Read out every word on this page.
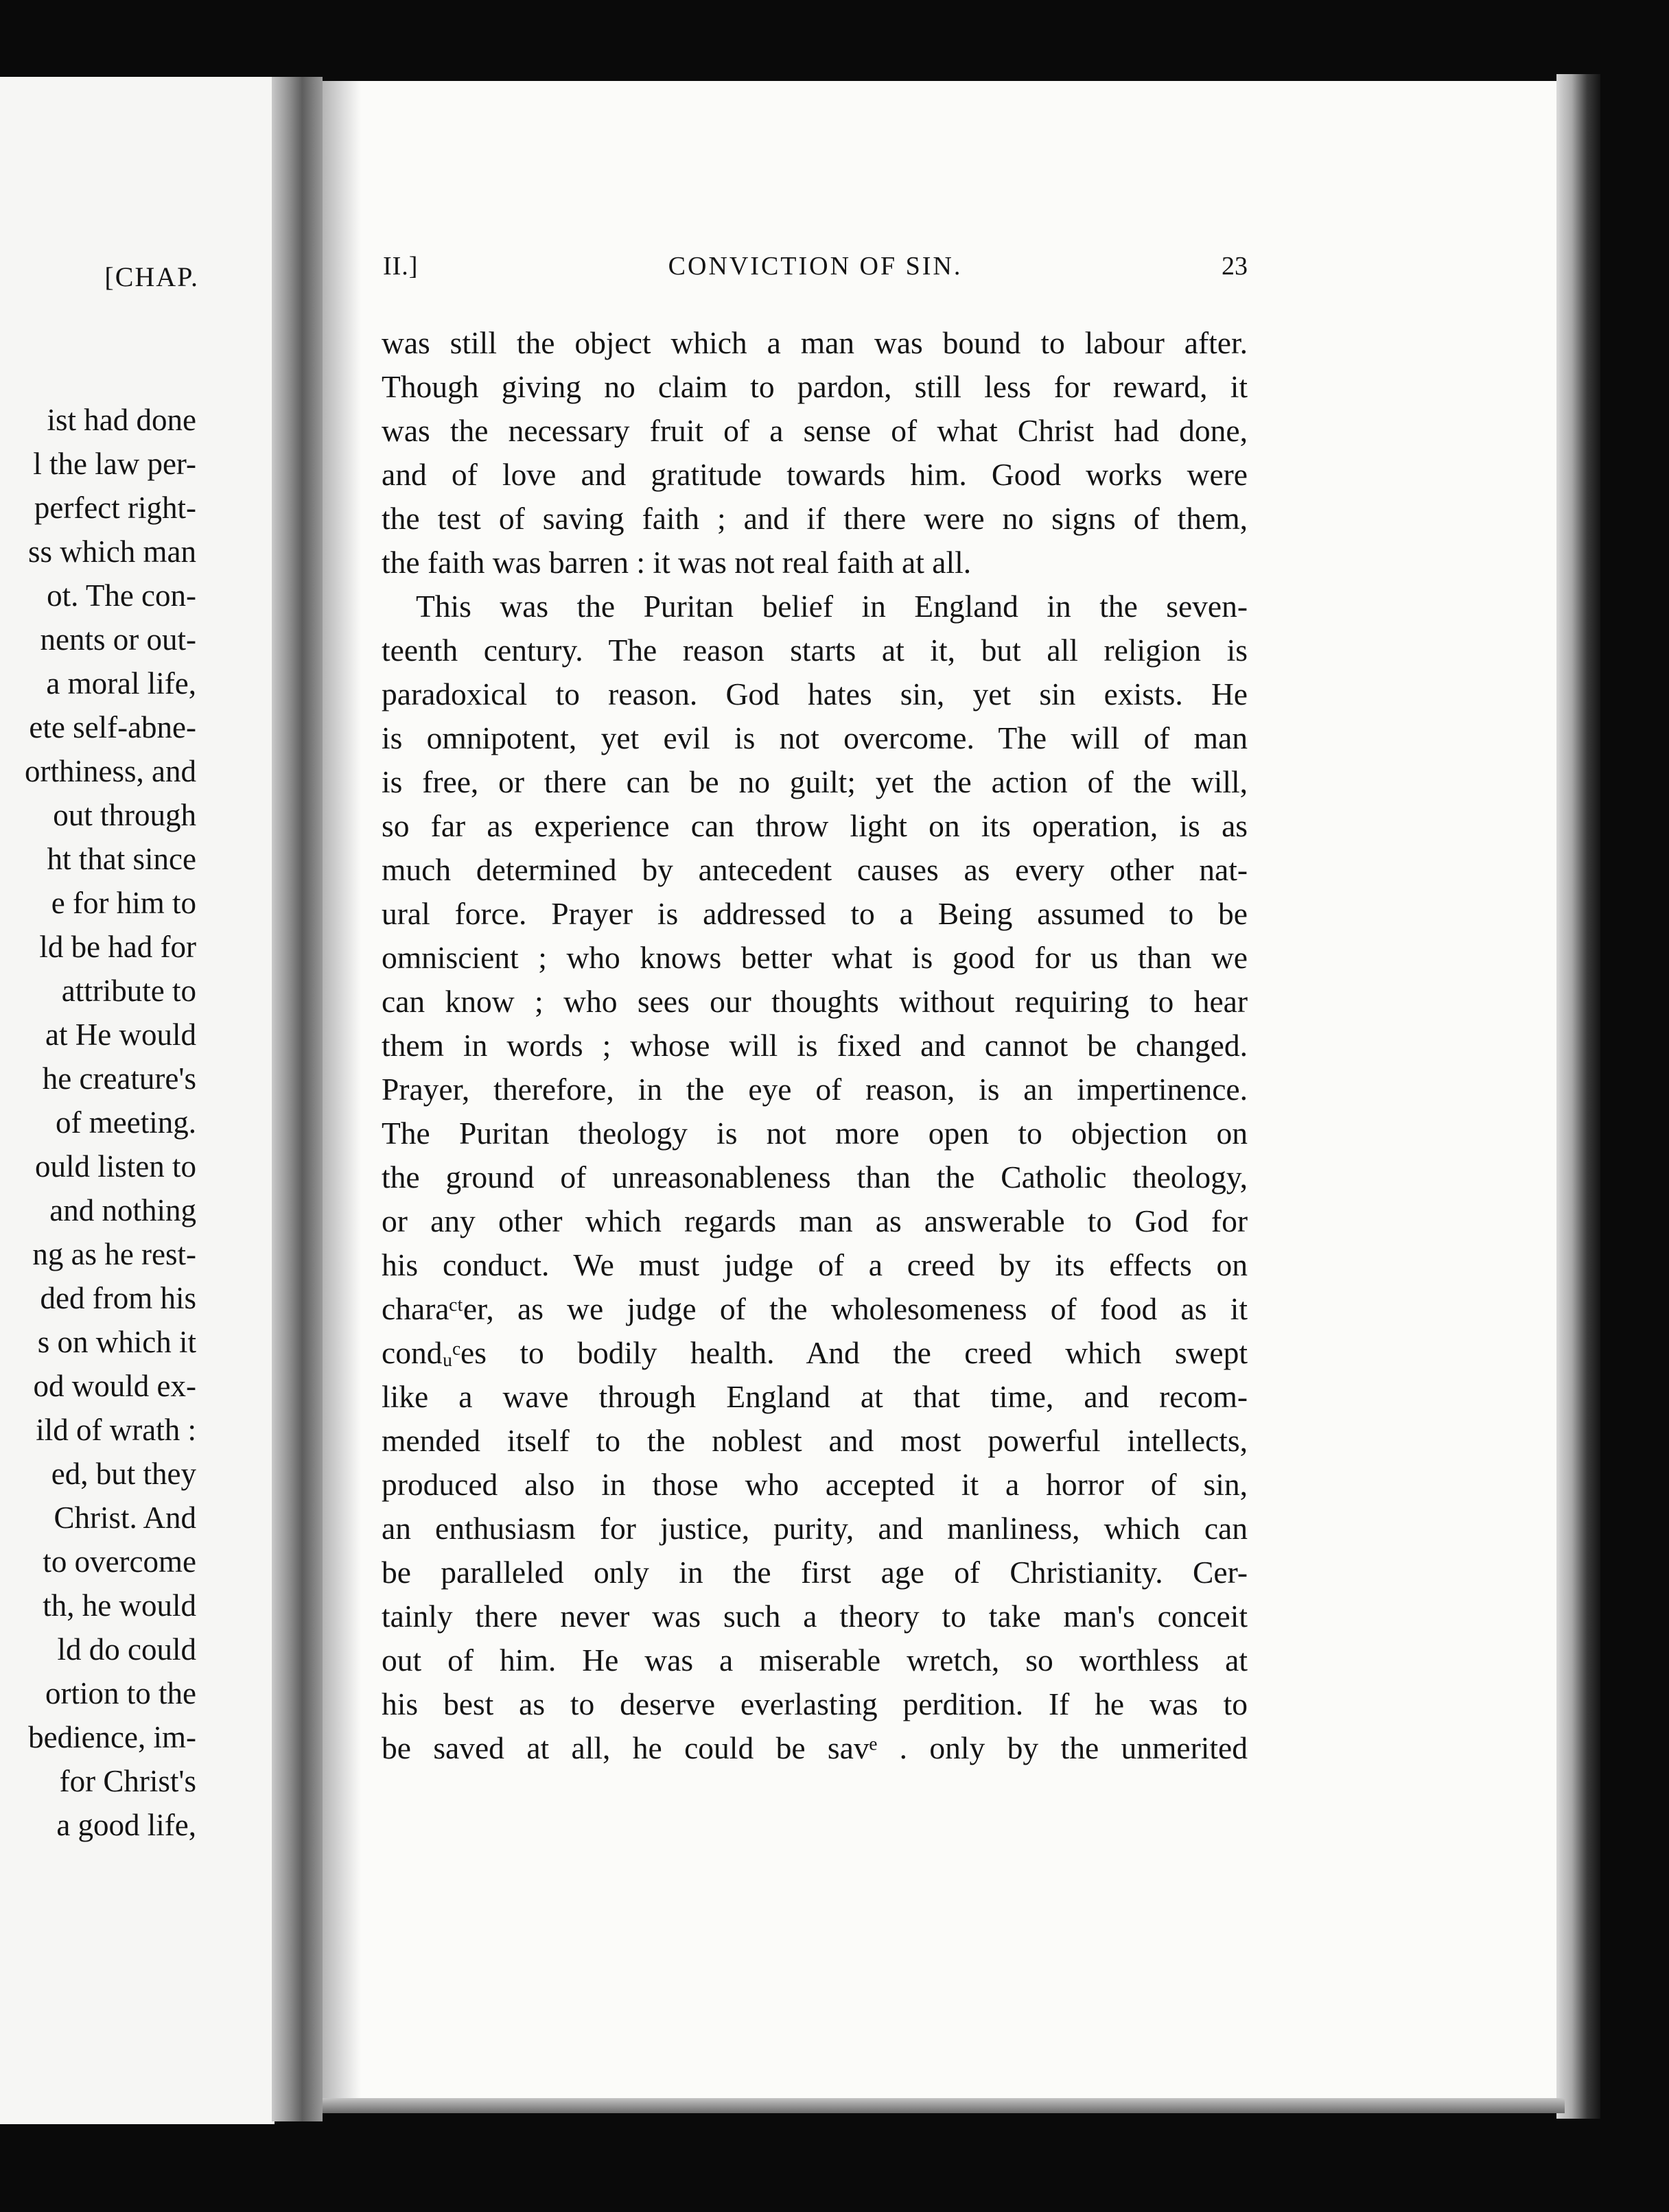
[CHAP.
ist had done
l the law per-
perfect right-
ss which man
ot. The con-
nents or out-
a moral life,
ete self-abne-
orthiness, and
out through
ht that since
e for him to
ld be had for
attribute to
at He would
he creature's
of meeting.
ould listen to
and nothing
ng as he rest-
ded from his
s on which it
od would ex-
ild of wrath :
ed, but they
Christ. And
to overcome
th, he would
ld do could
ortion to the
bedience, im-
for Christ's
a good life,
II.]	CONVICTION OF SIN.	23
was still the object which a man was bound to labour after.
Though giving no claim to pardon, still less for reward, it
was the necessary fruit of a sense of what Christ had done,
and of love and gratitude towards him. Good works were
the test of saving faith ; and if there were no signs of them,
the faith was barren : it was not real faith at all.
This was the Puritan belief in England in the seven-
teenth century. The reason starts at it, but all religion is
paradoxical to reason. God hates sin, yet sin exists. He
is omnipotent, yet evil is not overcome. The will of man
is free, or there can be no guilt; yet the action of the will,
so far as experience can throw light on its operation, is as
much determined by antecedent causes as every other nat-
ural force. Prayer is addressed to a Being assumed to be
omniscient ; who knows better what is good for us than we
can know ; who sees our thoughts without requiring to hear
them in words ; whose will is fixed and cannot be changed.
Prayer, therefore, in the eye of reason, is an impertinence.
The Puritan theology is not more open to objection on
the ground of unreasonableness than the Catholic theology,
or any other which regards man as answerable to God for
his conduct. We must judge of a creed by its effects on
charaᶜᵗer, as we judge of the wholesomeness of food as it
condᵤᶜes to bodily health. And the creed which swept
like a wave through England at that time, and recom-
mended itself to the noblest and most powerful intellects,
produced also in those who accepted it a horror of sin,
an enthusiasm for justice, purity, and manliness, which can
be paralleled only in the first age of Christianity. Cer-
tainly there never was such a theory to take man's conceit
out of him. He was a miserable wretch, so worthless at
his best as to deserve everlasting perdition. If he was to
be saved at all, he could be savᵉ . only by the unmerited
